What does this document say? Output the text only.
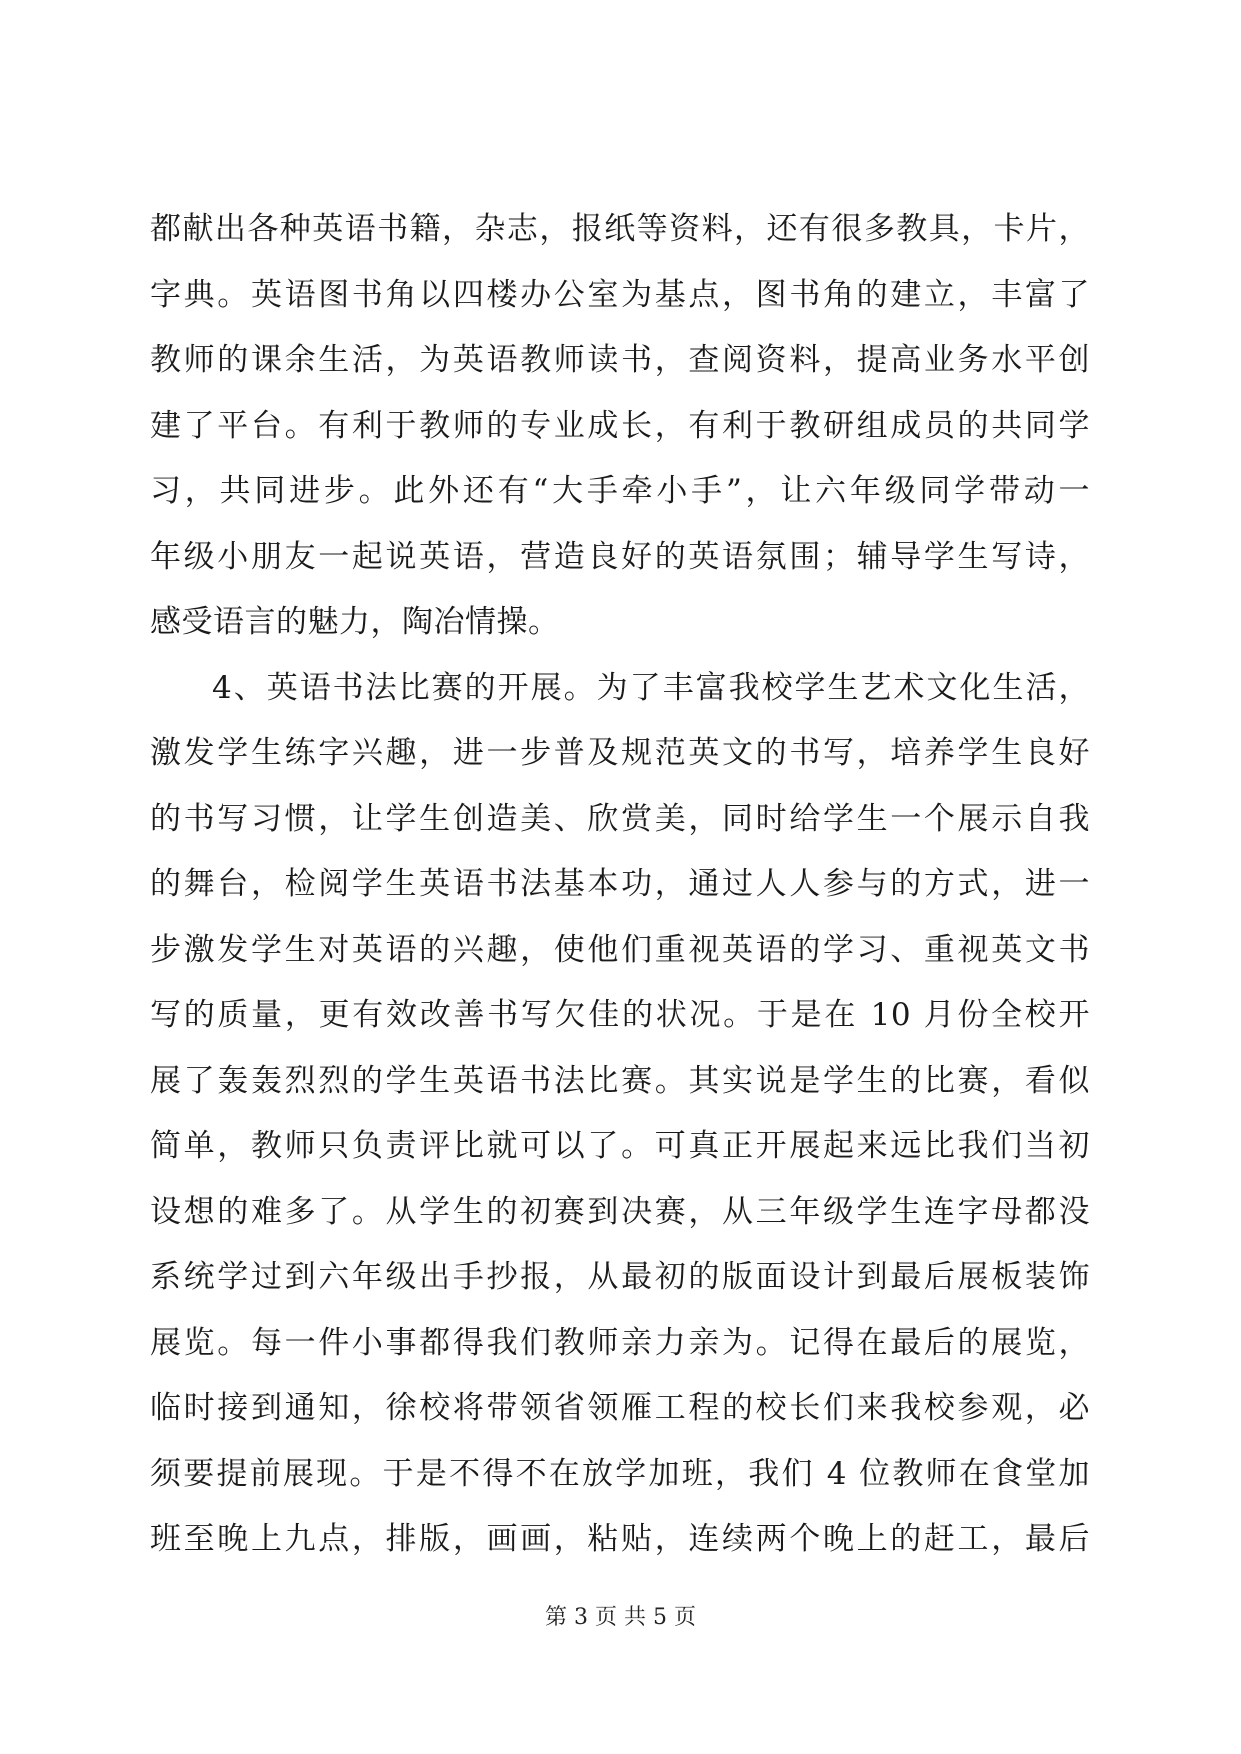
都献出各种英语书籍，杂志，报纸等资料，还有很多教具，卡片，
字典。英语图书角以四楼办公室为基点，图书角的建立，丰富了
教师的课余生活，为英语教师读书，查阅资料，提高业务水平创
建了平台。有利于教师的专业成长，有利于教研组成员的共同学
习，共同进步。此外还有“大手牵小手”，让六年级同学带动一
年级小朋友一起说英语，营造良好的英语氛围；辅导学生写诗，
感受语言的魅力，陶冶情操。
4、英语书法比赛的开展。为了丰富我校学生艺术文化生活，
激发学生练字兴趣，进一步普及规范英文的书写，培养学生良好
的书写习惯，让学生创造美、欣赏美，同时给学生一个展示自我
的舞台，检阅学生英语书法基本功，通过人人参与的方式，进一
步激发学生对英语的兴趣，使他们重视英语的学习、重视英文书
写的质量，更有效改善书写欠佳的状况。于是在 10 月份全校开
展了轰轰烈烈的学生英语书法比赛。其实说是学生的比赛，看似
简单，教师只负责评比就可以了。可真正开展起来远比我们当初
设想的难多了。从学生的初赛到决赛，从三年级学生连字母都没
系统学过到六年级出手抄报，从最初的版面设计到最后展板装饰
展览。每一件小事都得我们教师亲力亲为。记得在最后的展览，
临时接到通知，徐校将带领省领雁工程的校长们来我校参观，必
须要提前展现。于是不得不在放学加班，我们 4 位教师在食堂加
班至晚上九点，排版，画画，粘贴，连续两个晚上的赶工，最后
第 3 页 共 5 页
